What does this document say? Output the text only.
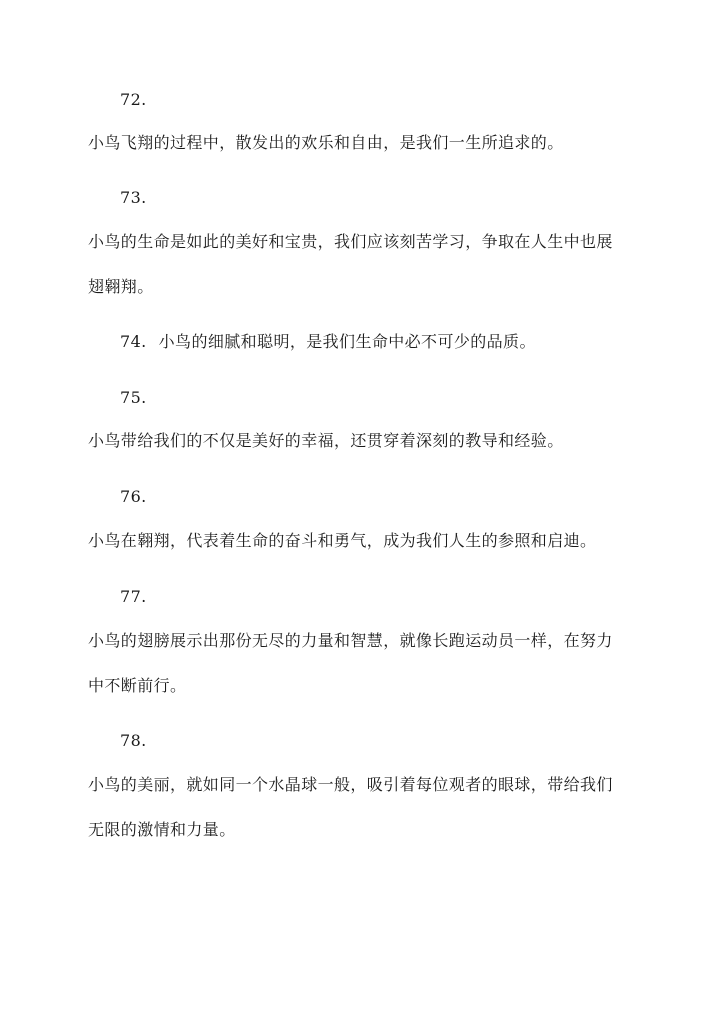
72.
小鸟飞翔的过程中，散发出的欢乐和自由，是我们一生所追求的。
73.
小鸟的生命是如此的美好和宝贵，我们应该刻苦学习，争取在人生中也展
翅翱翔。
74. 小鸟的细腻和聪明，是我们生命中必不可少的品质。
75.
小鸟带给我们的不仅是美好的幸福，还贯穿着深刻的教导和经验。
76.
小鸟在翱翔，代表着生命的奋斗和勇气，成为我们人生的参照和启迪。
77.
小鸟的翅膀展示出那份无尽的力量和智慧，就像长跑运动员一样，在努力
中不断前行。
78.
小鸟的美丽，就如同一个水晶球一般，吸引着每位观者的眼球，带给我们
无限的激情和力量。
